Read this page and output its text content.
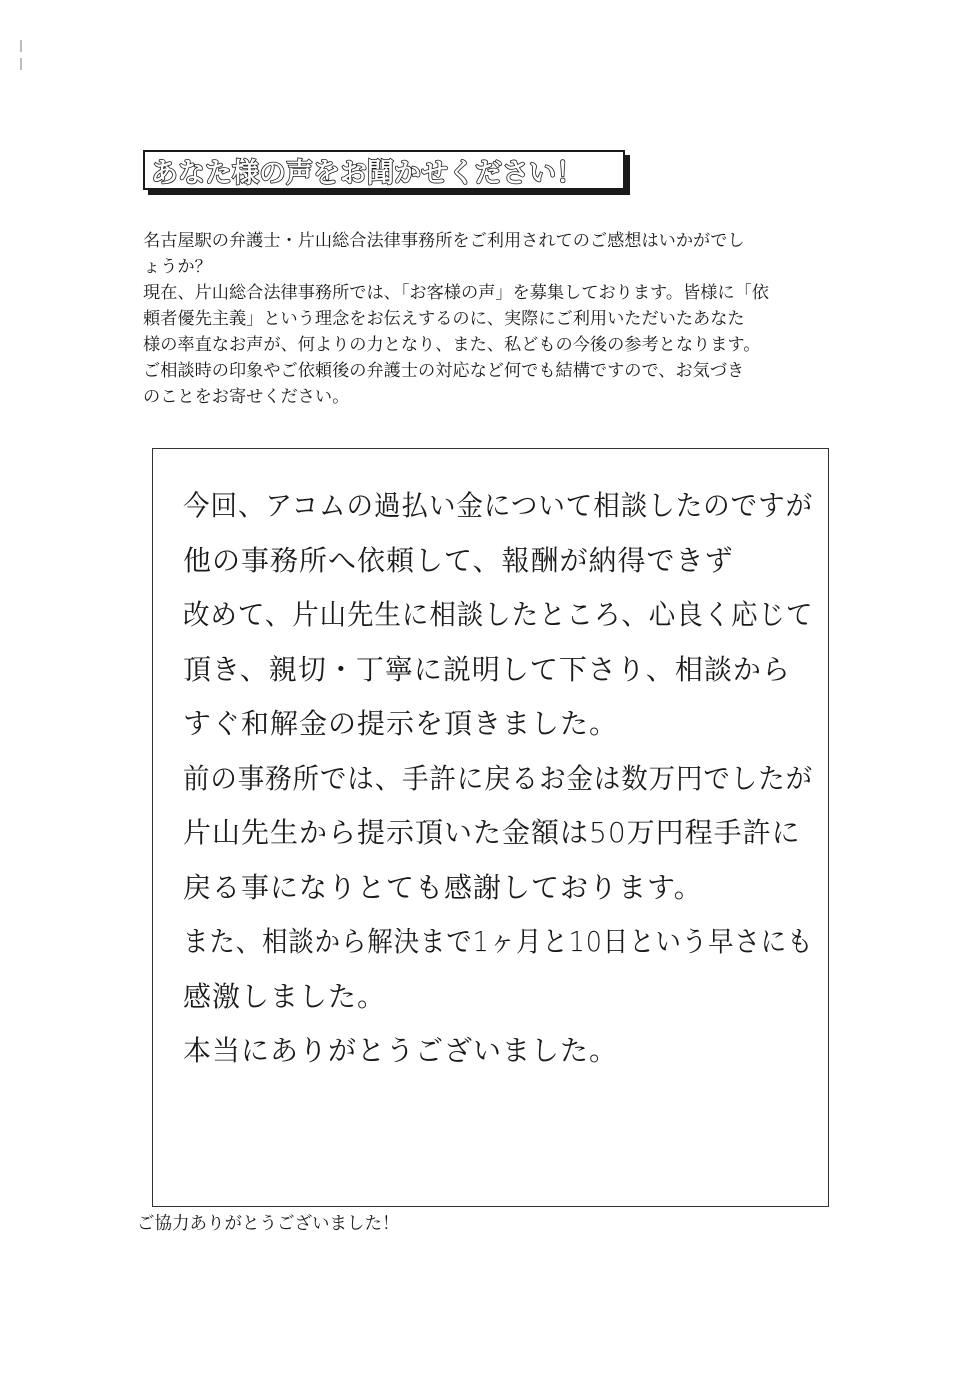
あなた様の声をお聞かせください！
名古屋駅の弁護士・片山総合法律事務所をご利用されてのご感想はいかがでし
ょうか？
現在、片山総合法律事務所では、「お客様の声」を募集しております。皆様に「依
頼者優先主義」という理念をお伝えするのに、実際にご利用いただいたあなた
様の率直なお声が、何よりの力となり、また、私どもの今後の参考となります。
ご相談時の印象やご依頼後の弁護士の対応など何でも結構ですので、お気づき
のことをお寄せください。
今回、アコムの過払い金について相談したのですが
他の事務所へ依頼して、報酬が納得できず
改めて、片山先生に相談したところ、心良く応じて
頂き、親切・丁寧に説明して下さり、相談から
すぐ和解金の提示を頂きました。
前の事務所では、手許に戻るお金は数万円でしたが
片山先生から提示頂いた金額は50万円程手許に
戻る事になりとても感謝しております。
また、相談から解決まで1ヶ月と10日という早さにも
感激しました。
本当にありがとうございました。
ご協力ありがとうございました！
